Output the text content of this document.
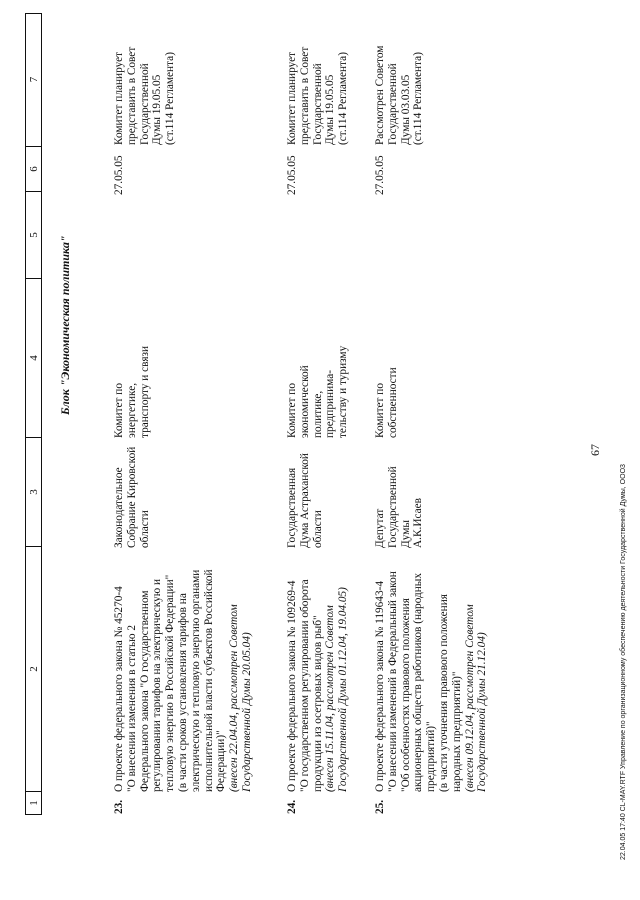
67
22.04.05 17:40 CL-MAY.RTF Управление по организационному обеспечению деятельности Государственной Думы, ООО3
1
2
3
4
5
6
7
Блок "Экономическая политика"
23.
О проекте федерального закона № 45270-4 "О внесении изменения в статью 2 Федерального закона "О государственном регулировании тарифов на электрическую и тепловую энергию в Российской Федерации" (в части сроков установления тарифов на электрическую и тепловую энергию органами исполнительной власти субъектов Российской Федерации)" (внесен 22.04.04, рассмотрен Советом Государственной Думы 20.05.04)
Законодательное Собрание Кировской области
Комитет по энергетике, транспорту и связи
27.05.05
Комитет планирует представить в Совет Государственной Думы 19.05.05 (ст.114 Регламента)
24.
О проекте федерального закона № 109269-4 "О государственном регулировании оборота продукции из осетровых видов рыб" (внесен 15.11.04, рассмотрен Советом Государственной Думы 01.12.04, 19.04.05)
Государственная Дума Астраханской области
Комитет по экономической политике, предпринима- тельству и туризму
27.05.05
Комитет планирует представить в Совет Государственной Думы 19.05.05 (ст.114 Регламента)
25.
О проекте федерального закона № 119643-4 "О внесении изменений в Федеральный закон "Об особенностях правового положения акционерных обществ работников (народных предприятий)" (в части уточнения правового положения народных предприятий)" (внесен 09.12.04, рассмотрен Советом Государственной Думы 21.12.04)
Депутат Государственной Думы А.К.Исаев
Комитет по собственности
27.05.05
Рассмотрен Советом Государственной Думы 03.03.05 (ст.114 Регламента)
